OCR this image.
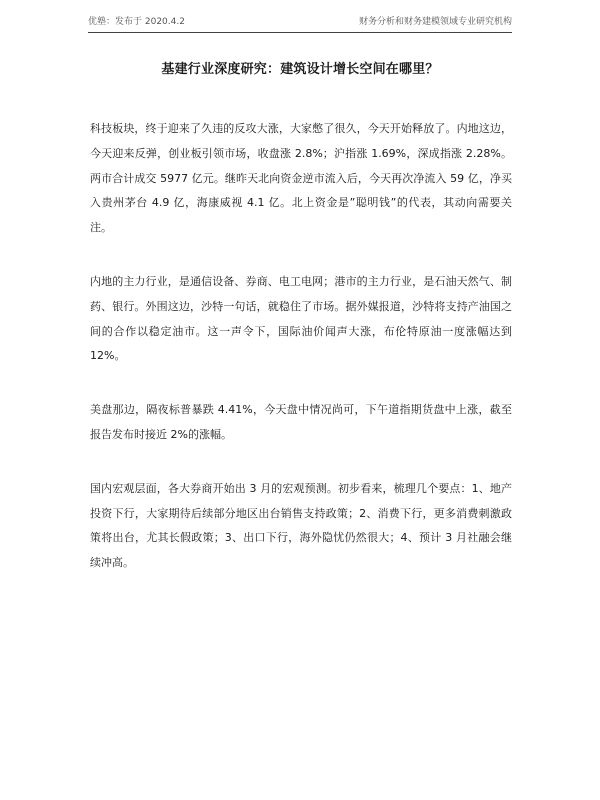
优塾：发布于 2020.4.2	财务分析和财务建模领域专业研究机构
基建行业深度研究：建筑设计增长空间在哪里？

科技板块，终于迎来了久违的反攻大涨，大家憋了很久，今天开始释放了。内地这边，今天迎来反弹，创业板引领市场，收盘涨 2.8%；沪指涨 1.69%，深成指涨 2.28%。两市合计成交 5977 亿元。继昨天北向资金逆市流入后，今天再次净流入 59 亿，净买入贵州茅台 4.9 亿，海康威视 4.1 亿。北上资金是”聪明钱”的代表，其动向需要关注。

内地的主力行业，是通信设备、券商、电工电网；港市的主力行业，是石油天然气、制药、银行。外围这边，沙特一句话，就稳住了市场。据外媒报道，沙特将支持产油国之间的合作以稳定油市。这一声令下，国际油价闻声大涨，布伦特原油一度涨幅达到 12%。

美盘那边，隔夜标普暴跌 4.41%，今天盘中情况尚可，下午道指期货盘中上涨，截至报告发布时接近 2%的涨幅。

国内宏观层面，各大券商开始出 3 月的宏观预测。初步看来，梳理几个要点：1、地产投资下行，大家期待后续部分地区出台销售支持政策；2、消费下行，更多消费刺激政策将出台，尤其长假政策；3、出口下行，海外隐忧仍然很大；4、预计 3 月社融会继续冲高。
